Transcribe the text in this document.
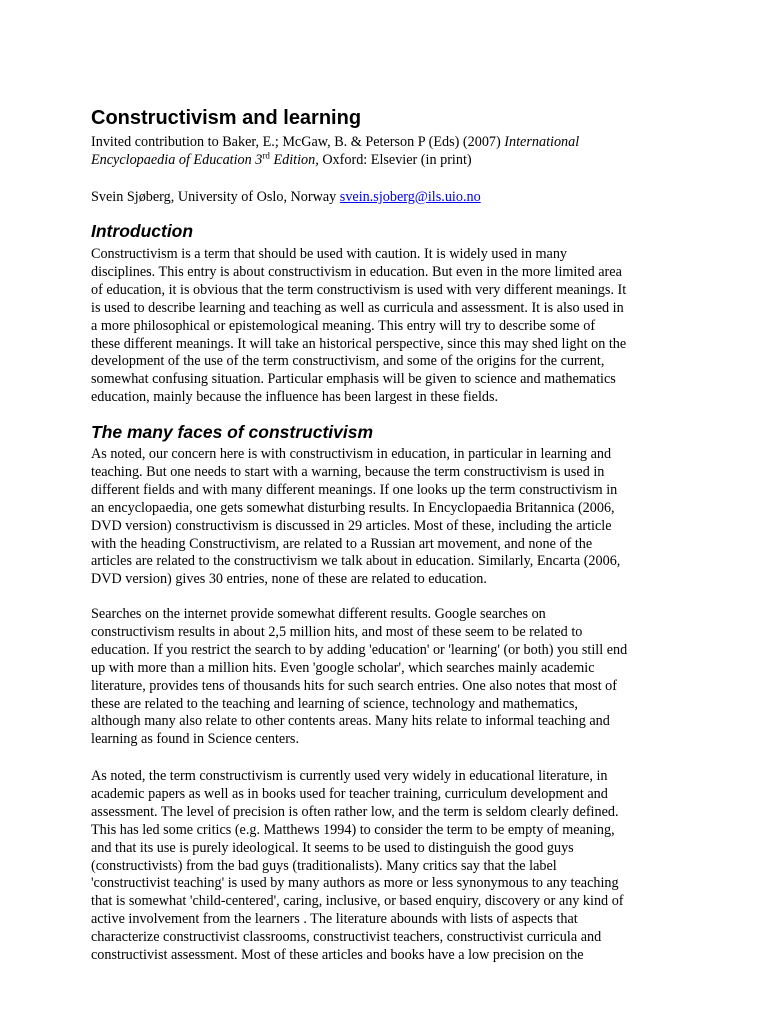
Constructivism and learning
Invited contribution to Baker, E.; McGaw, B. & Peterson P (Eds) (2007) International
Encyclopaedia of Education 3rd Edition, Oxford: Elsevier (in print)
Svein Sjøberg, University of Oslo, Norway svein.sjoberg@ils.uio.no
Introduction
Constructivism is a term that should be used with caution. It is widely used in many
disciplines. This entry is about constructivism in education. But even in the more limited area
of education, it is obvious that the term constructivism is used with very different meanings. It
is used to describe learning and teaching as well as curricula and assessment. It is also used in
a more philosophical or epistemological meaning. This entry will try to describe some of
these different meanings. It will take an historical perspective, since this may shed light on the
development of the use of the term constructivism, and some of the origins for the current,
somewhat confusing situation. Particular emphasis will be given to science and mathematics
education, mainly because the influence has been largest in these fields.
The many faces of constructivism
As noted, our concern here is with constructivism in education, in particular in learning and
teaching. But one needs to start with a warning, because the term constructivism is used in
different fields and with many different meanings. If one looks up the term constructivism in
an encyclopaedia, one gets somewhat disturbing results. In Encyclopaedia Britannica (2006,
DVD version) constructivism is discussed in 29 articles. Most of these, including the article
with the heading Constructivism, are related to a Russian art movement, and none of the
articles are related to the constructivism we talk about in education. Similarly, Encarta (2006,
DVD version) gives 30 entries, none of these are related to education.
Searches on the internet provide somewhat different results. Google searches on
constructivism results in about 2,5 million hits, and most of these seem to be related to
education. If you restrict the search to by adding 'education' or 'learning' (or both) you still end
up with more than a million hits. Even 'google scholar', which searches mainly academic
literature, provides tens of thousands hits for such search entries. One also notes that most of
these are related to the teaching and learning of science, technology and mathematics,
although many also relate to other contents areas. Many hits relate to informal teaching and
learning as found in Science centers.
As noted, the term constructivism is currently used very widely in educational literature, in
academic papers as well as in books used for teacher training, curriculum development and
assessment. The level of precision is often rather low, and the term is seldom clearly defined.
This has led some critics (e.g. Matthews 1994) to consider the term to be empty of meaning,
and that its use is purely ideological. It seems to be used to distinguish the good guys
(constructivists) from the bad guys (traditionalists). Many critics say that the label
'constructivist teaching' is used by many authors as more or less synonymous to any teaching
that is somewhat 'child-centered', caring, inclusive, or based enquiry, discovery or any kind of
active involvement from the learners . The literature abounds with lists of aspects that
characterize constructivist classrooms, constructivist teachers, constructivist curricula and
constructivist assessment. Most of these articles and books have a low precision on the
